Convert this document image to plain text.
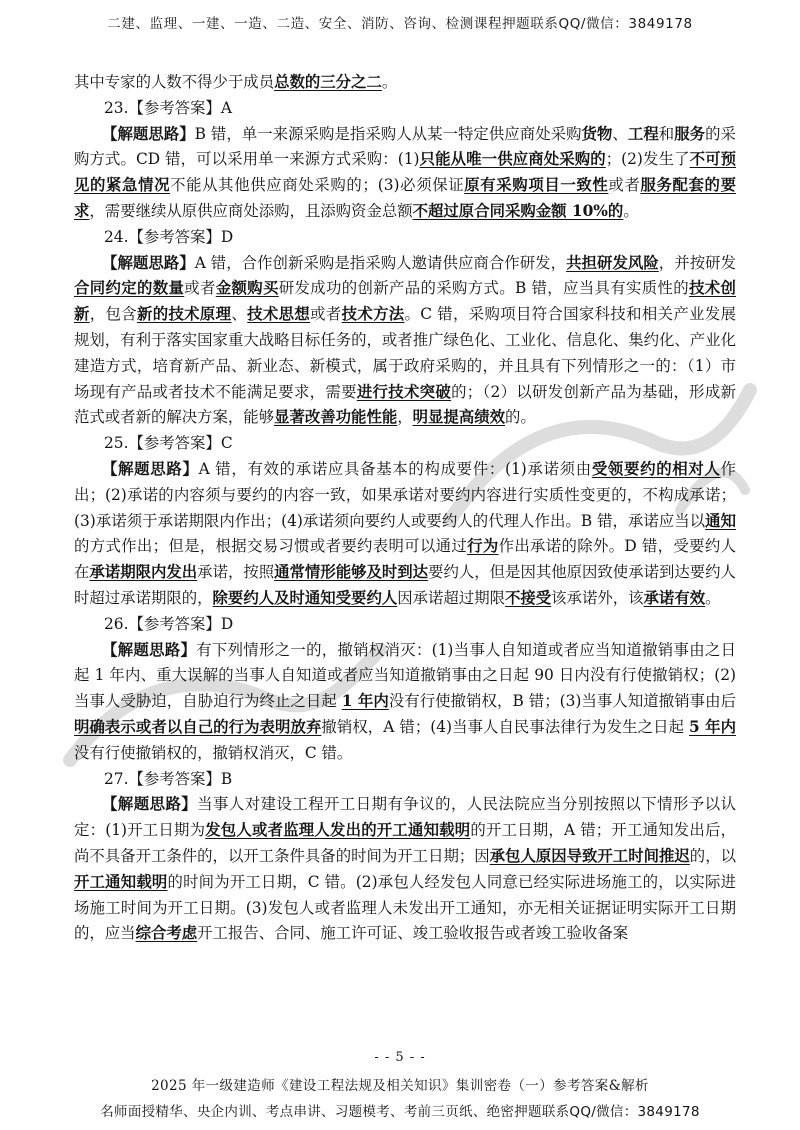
二建、监理、一建、一造、二造、安全、消防、咨询、检测课程押题联系QQ/微信：3849178

其中专家的人数不得少于成员总数的三分之二。

23.【参考答案】A

【解题思路】B 错，单一来源采购是指采购人从某一特定供应商处采购货物、工程和服务的采购方式。CD 错，可以采用单一来源方式采购：(1)只能从唯一供应商处采购的；(2)发生了不可预见的紧急情况不能从其他供应商处采购的；(3)必须保证原有采购项目一致性或者服务配套的要求，需要继续从原供应商处添购，且添购资金总额不超过原合同采购金额 10%的。

24.【参考答案】D

【解题思路】A 错，合作创新采购是指采购人邀请供应商合作研发，共担研发风险，并按研发合同约定的数量或者金额购买研发成功的创新产品的采购方式。B 错，应当具有实质性的技术创新，包含新的技术原理、技术思想或者技术方法。C 错，采购项目符合国家科技和相关产业发展规划，有利于落实国家重大战略目标任务的，或者推广绿色化、工业化、信息化、集约化、产业化建造方式，培育新产品、新业态、新模式，属于政府采购的，并且具有下列情形之一的：（1）市场现有产品或者技术不能满足要求，需要进行技术突破的；（2）以研发创新产品为基础，形成新范式或者新的解决方案，能够显著改善功能性能，明显提高绩效的。

25.【参考答案】C

【解题思路】A 错，有效的承诺应具备基本的构成要件：(1)承诺须由受领要约的相对人作出；(2)承诺的内容须与要约的内容一致，如果承诺对要约内容进行实质性变更的，不构成承诺；(3)承诺须于承诺期限内作出；(4)承诺须向要约人或要约人的代理人作出。B 错，承诺应当以通知的方式作出；但是，根据交易习惯或者要约表明可以通过行为作出承诺的除外。D 错，受要约人在承诺期限内发出承诺，按照通常情形能够及时到达要约人，但是因其他原因致使承诺到达要约人时超过承诺期限的，除要约人及时通知受要约人因承诺超过期限不接受该承诺外，该承诺有效。

26.【参考答案】D

【解题思路】有下列情形之一的，撤销权消灭：(1)当事人自知道或者应当知道撤销事由之日起 1 年内、重大误解的当事人自知道或者应当知道撤销事由之日起 90 日内没有行使撤销权；(2)当事人受胁迫，自胁迫行为终止之日起 1 年内没有行使撤销权，B 错；(3)当事人知道撤销事由后明确表示或者以自己的行为表明放弃撤销权，A 错；(4)当事人自民事法律行为发生之日起 5 年内没有行使撤销权的，撤销权消灭，C 错。

27.【参考答案】B

【解题思路】当事人对建设工程开工日期有争议的，人民法院应当分别按照以下情形予以认定：(1)开工日期为发包人或者监理人发出的开工通知载明的开工日期，A 错；开工通知发出后，尚不具备开工条件的，以开工条件具备的时间为开工日期；因承包人原因导致开工时间推迟的，以开工通知载明的时间为开工日期，C 错。(2)承包人经发包人同意已经实际进场施工的，以实际进场施工时间为开工日期。(3)发包人或者监理人未发出开工通知，亦无相关证据证明实际开工日期的，应当综合考虑开工报告、合同、施工许可证、竣工验收报告或者竣工验收备案

- - 5 - -
2025 年一级建造师《建设工程法规及相关知识》集训密卷（一）参考答案&解析
名师面授精华、央企内训、考点串讲、习题模考、考前三页纸、绝密押题联系QQ/微信：3849178
